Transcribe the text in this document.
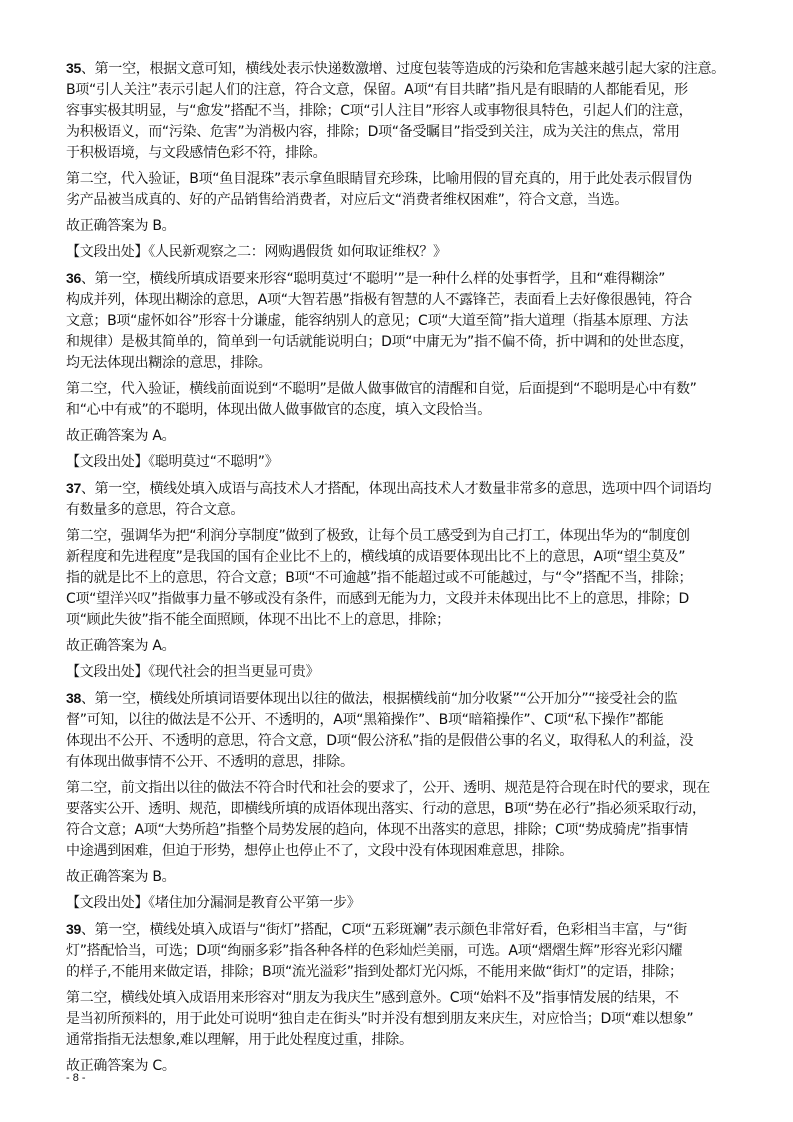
35、第一空，根据文意可知，横线处表示快递数激增、过度包装等造成的污染和危害越来越引起大家的注意。
B项“引人关注”表示引起人们的注意，符合文意，保留。A项“有目共睹”指凡是有眼睛的人都能看见，形
容事实极其明显，与“愈发”搭配不当，排除；C项“引人注目”形容人或事物很具特色，引起人们的注意，
为积极语义，而“污染、危害”为消极内容，排除；D项“备受瞩目”指受到关注，成为关注的焦点，常用
于积极语境，与文段感情色彩不符，排除。
第二空，代入验证，B项“鱼目混珠”表示拿鱼眼睛冒充珍珠，比喻用假的冒充真的，用于此处表示假冒伪
劣产品被当成真的、好的产品销售给消费者，对应后文“消费者维权困难”，符合文意，当选。
故正确答案为 B。
【文段出处】《人民新观察之二：网购遇假货 如何取证维权？》
36、第一空，横线所填成语要来形容“聪明莫过‘不聪明’”是一种什么样的处事哲学，且和“难得糊涂”
构成并列，体现出糊涂的意思，A项“大智若愚”指极有智慧的人不露锋芒，表面看上去好像很愚钝，符合
文意；B项“虚怀如谷”形容十分谦虚，能容纳别人的意见；C项“大道至简”指大道理（指基本原理、方法
和规律）是极其简单的，简单到一句话就能说明白；D项“中庸无为”指不偏不倚，折中调和的处世态度，
均无法体现出糊涂的意思，排除。
第二空，代入验证，横线前面说到“不聪明”是做人做事做官的清醒和自觉，后面提到“不聪明是心中有数”
和“心中有戒”的不聪明，体现出做人做事做官的态度，填入文段恰当。
故正确答案为 A。
【文段出处】《聪明莫过“不聪明”》
37、第一空，横线处填入成语与高技术人才搭配，体现出高技术人才数量非常多的意思，选项中四个词语均
有数量多的意思，符合文意。
第二空，强调华为把“利润分享制度”做到了极致，让每个员工感受到为自己打工，体现出华为的“制度创
新程度和先进程度”是我国的国有企业比不上的，横线填的成语要体现出比不上的意思，A项“望尘莫及”
指的就是比不上的意思，符合文意；B项“不可逾越”指不能超过或不可能越过，与“令”搭配不当，排除；
C项“望洋兴叹”指做事力量不够或没有条件，而感到无能为力，文段并未体现出比不上的意思，排除；D
项“顾此失彼”指不能全面照顾，体现不出比不上的意思，排除；
故正确答案为 A。
【文段出处】《现代社会的担当更显可贵》
38、第一空，横线处所填词语要体现出以往的做法，根据横线前“加分收紧”“公开加分”“接受社会的监
督”可知，以往的做法是不公开、不透明的，A项“黑箱操作”、B项“暗箱操作”、C项“私下操作”都能
体现出不公开、不透明的意思，符合文意，D项“假公济私”指的是假借公事的名义，取得私人的利益，没
有体现出做事情不公开、不透明的意思，排除。
第二空，前文指出以往的做法不符合时代和社会的要求了，公开、透明、规范是符合现在时代的要求，现在
要落实公开、透明、规范，即横线所填的成语体现出落实、行动的意思，B项“势在必行”指必须采取行动，
符合文意；A项“大势所趋”指整个局势发展的趋向，体现不出落实的意思，排除；C项“势成骑虎”指事情
中途遇到困难，但迫于形势，想停止也停止不了，文段中没有体现困难意思，排除。
故正确答案为 B。
【文段出处】《堵住加分漏洞是教育公平第一步》
39、第一空，横线处填入成语与“街灯”搭配，C项“五彩斑斓”表示颜色非常好看，色彩相当丰富，与“街
灯”搭配恰当，可选；D项“绚丽多彩”指各种各样的色彩灿烂美丽，可选。A项“熠熠生辉”形容光彩闪耀
的样子,不能用来做定语，排除；B项“流光溢彩”指到处都灯光闪烁，不能用来做“街灯”的定语，排除；
第二空，横线处填入成语用来形容对“朋友为我庆生”感到意外。C项“始料不及”指事情发展的结果，不
是当初所预料的，用于此处可说明“独自走在街头”时并没有想到朋友来庆生，对应恰当；D项“难以想象”
通常指指无法想象,难以理解，用于此处程度过重，排除。
故正确答案为 C。
- 8 -
